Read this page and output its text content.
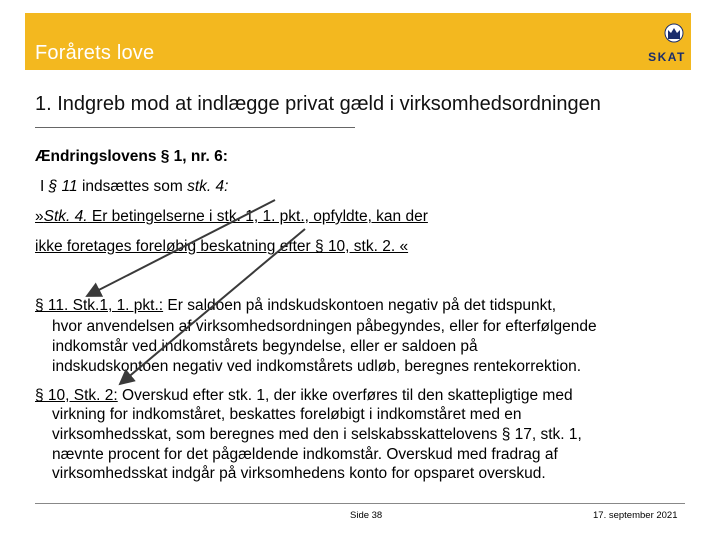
Forårets love	SKAT
1. Indgreb mod at indlægge privat gæld i virksomhedsordningen
Ændringslovens § 1, nr. 6:
I § 11 indsættes som stk. 4:
»Stk. 4. Er betingelserne i stk. 1, 1. pkt., opfyldte, kan der
ikke foretages foreløbig beskatning efter § 10, stk. 2. «
§ 11. Stk.1, 1. pkt.: Er saldoen på indskudskontoen negativ på det tidspunkt,
hvor anvendelsen af virksomhedsordningen påbegyndes, eller for efterfølgende
indkomstår ved indkomstårets begyndelse, eller er saldoen på
indskudskontoen negativ ved indkomstårets udløb, beregnes rentekorrektion.
§ 10, Stk. 2: Overskud efter stk. 1, der ikke overføres til den skattepligtige med
virkning for indkomståret, beskattes foreløbigt i indkomståret med en
virksomhedsskat, som beregnes med den i selskabsskattelovens § 17, stk. 1,
nævnte procent for det pågældende indkomstår. Overskud med fradrag af
virksomhedsskat indgår på virksomhedens konto for opsparet overskud.
Side 38	17. september 2021
